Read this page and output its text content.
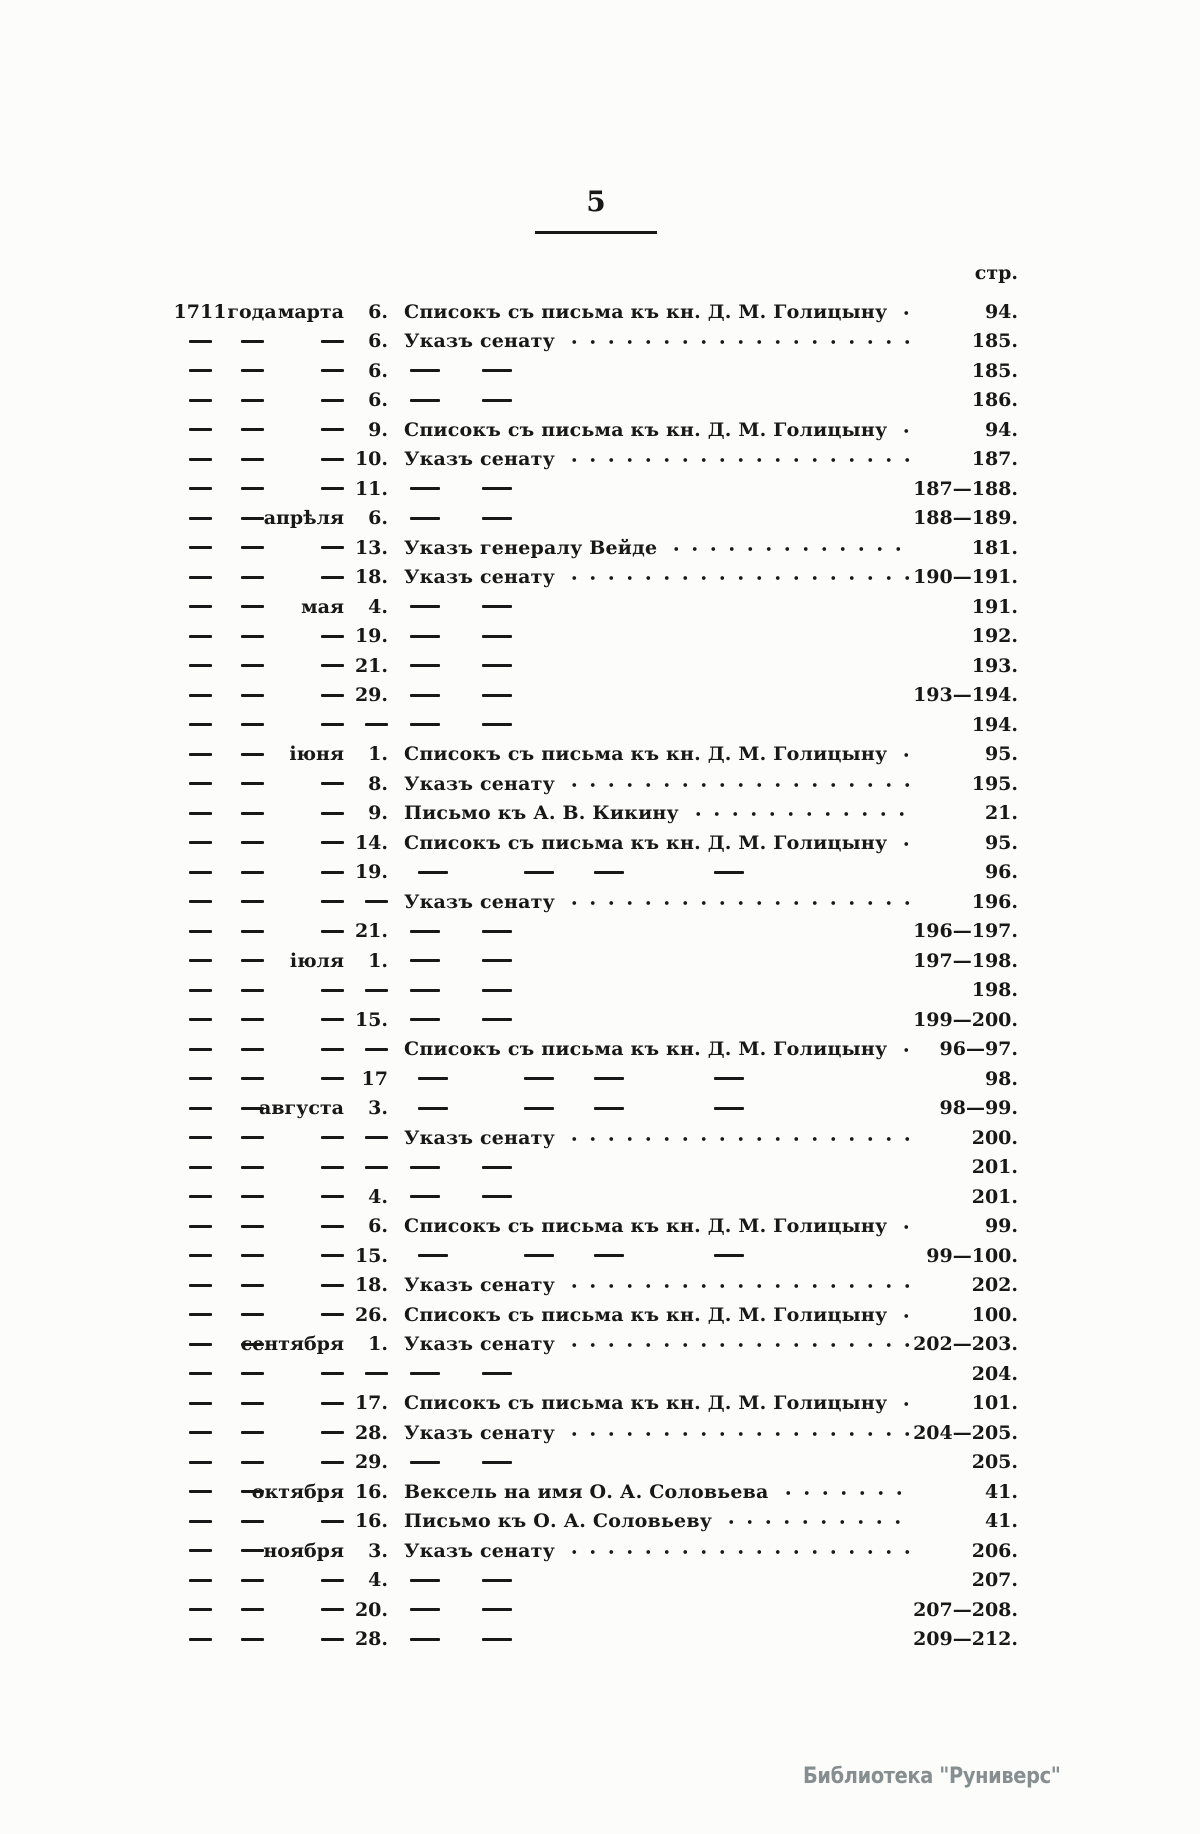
5
стр.
1711 года марта 6. Списокъ съ письма къ кн. Д. М. Голицыну	94.
6. Указъ сенату	185.
6.	185.
6.	186.
9. Списокъ съ письма къ кн. Д. М. Голицыну	94.
10. Указъ сенату	187.
11.	187—188.
апрѣля 6.	188—189.
13. Указъ генералу Вейде	181.
18. Указъ сенату	190—191.
мая 4.	191.
19.	192.
21.	193.
29.	193—194.
194.
іюня 1. Списокъ съ письма къ кн. Д. М. Голицыну	95.
8. Указъ сенату	195.
9. Письмо къ А. В. Кикину	21.
14. Списокъ съ письма къ кн. Д. М. Голицыну	95.
19.	96.
Указъ сенату	196.
21.	196—197.
іюля 1.	197—198.
198.
15.	199—200.
Списокъ съ письма къ кн. Д. М. Голицыну	96—97.
17	98.
августа 3.	98—99.
Указъ сенату	200.
201.
4.	201.
6. Списокъ съ письма къ кн. Д. М. Голицыну	99.
15.	99—100.
18. Указъ сенату	202.
26. Списокъ съ письма къ кн. Д. М. Голицыну	100.
сентября 1. Указъ сенату	202—203.
204.
17. Списокъ съ письма къ кн. Д. М. Голицыну	101.
28. Указъ сенату	204—205.
29.	205.
октября 16. Вексель на имя О. А. Соловьева	41.
16. Письмо къ О. А. Соловьеву	41.
ноября 3. Указъ сенату	206.
4.	207.
20.	207—208.
28.	209—212.
Библиотека "Руниверс"
